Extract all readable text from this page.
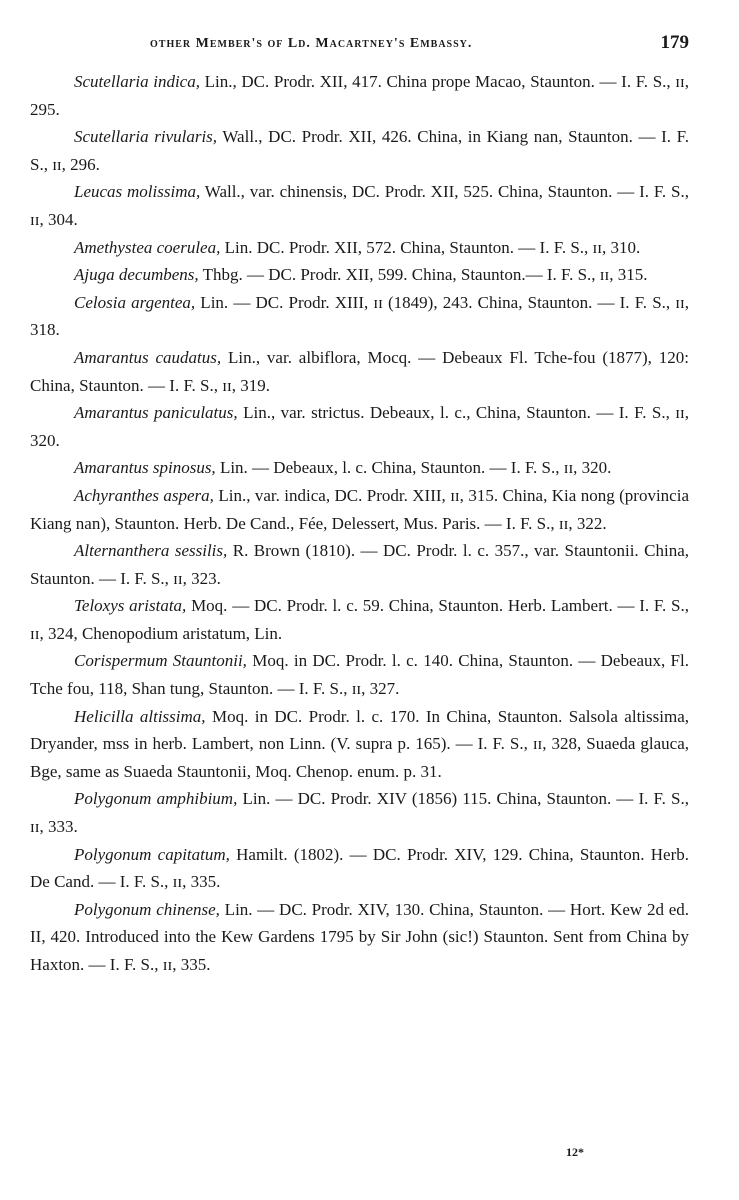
other Member's of Ld. Macartney's Embassy.	179

Scutellaria indica, Lin., DC. Prodr. XII, 417. China prope Macao, Staunton. — I. F. S., ɪɪ, 295.

Scutellaria rivularis, Wall., DC. Prodr. XII, 426. China, in Kiang nan, Staunton. — I. F. S., ɪɪ, 296.

Leucas molissima, Wall., var. chinensis, DC. Prodr. XII, 525. China, Staunton. — I. F. S., ɪɪ, 304.

Amethystea coerulea, Lin. DC. Prodr. XII, 572. China, Staunton. — I. F. S., ɪɪ, 310.

Ajuga decumbens, Thbg. — DC. Prodr. XII, 599. China, Staunton.— I. F. S., ɪɪ, 315.

Celosia argentea, Lin. — DC. Prodr. XIII, ɪɪ (1849), 243. China, Staunton. — I. F. S., ɪɪ, 318.

Amarantus caudatus, Lin., var. albiflora, Mocq. — Debeaux Fl. Tche-fou (1877), 120: China, Staunton. — I. F. S., ɪɪ, 319.

Amarantus paniculatus, Lin., var. strictus. Debeaux, l. c., China, Staunton. — I. F. S., ɪɪ, 320.

Amarantus spinosus, Lin. — Debeaux, l. c. China, Staunton. — I. F. S., ɪɪ, 320.

Achyranthes aspera, Lin., var. indica, DC. Prodr. XIII, ɪɪ, 315. China, Kia nong (provincia Kiang nan), Staunton. Herb. De Cand., Fée, Delessert, Mus. Paris. — I. F. S., ɪɪ, 322.

Alternanthera sessilis, R. Brown (1810). — DC. Prodr. l. c. 357., var. Stauntonii. China, Staunton. — I. F. S., ɪɪ, 323.

Teloxys aristata, Moq. — DC. Prodr. l. c. 59. China, Staunton. Herb. Lambert. — I. F. S., ɪɪ, 324, Chenopodium aristatum, Lin.

Corispermum Stauntonii, Moq. in DC. Prodr. l. c. 140. China, Staunton. — Debeaux, Fl. Tche fou, 118, Shan tung, Staunton. — I. F. S., ɪɪ, 327.

Helicilla altissima, Moq. in DC. Prodr. l. c. 170. In China, Staunton. Salsola altissima, Dryander, mss in herb. Lambert, non Linn. (V. supra p. 165). — I. F. S., ɪɪ, 328, Suaeda glauca, Bge, same as Suaeda Stauntonii, Moq. Chenop. enum. p. 31.

Polygonum amphibium, Lin. — DC. Prodr. XIV (1856) 115. China, Staunton. — I. F. S., ɪɪ, 333.

Polygonum capitatum, Hamilt. (1802). — DC. Prodr. XIV, 129. China, Staunton. Herb. De Cand. — I. F. S., ɪɪ, 335.

Polygonum chinense, Lin. — DC. Prodr. XIV, 130. China, Staunton. — Hort. Kew 2d ed. II, 420. Introduced into the Kew Gardens 1795 by Sir John (sic!) Staunton. Sent from China by Haxton. — I. F. S., ɪɪ, 335.

12*
